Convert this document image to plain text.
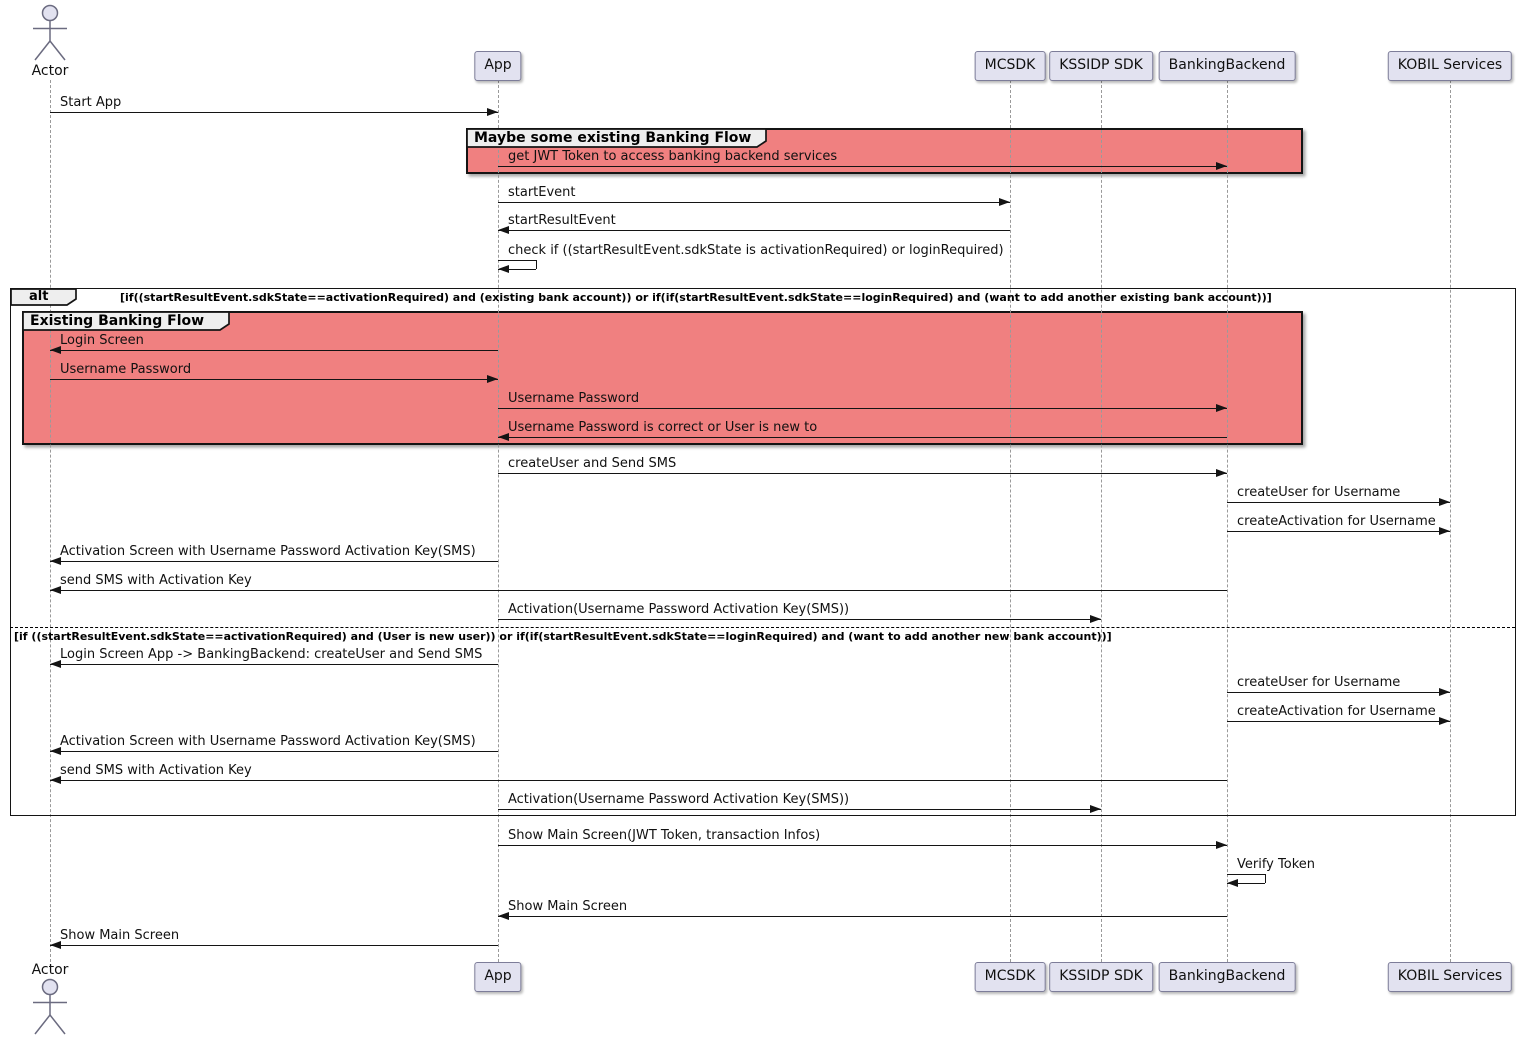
Start App
get JWT Token to access banking backend services
startEvent
startResultEvent
check if ((startResultEvent.sdkState is activationRequired) or loginRequired)
Login Screen
Username Password
Username Password
Username Password is correct or User is new to
createUser and Send SMS
createUser for Username
createActivation for Username
Activation Screen with Username Password Activation Key(SMS)
send SMS with Activation Key
Activation(Username Password Activation Key(SMS))
Login Screen App -> BankingBackend: createUser and Send SMS
createUser for Username
createActivation for Username
Activation Screen with Username Password Activation Key(SMS)
send SMS with Activation Key
Activation(Username Password Activation Key(SMS))
Show Main Screen(JWT Token, transaction Infos)
Verify Token
Show Main Screen
Show Main Screen
Maybe some existing Banking Flow
alt	[if((startResultEvent.sdkState==activationRequired) and (existing bank account)) or if(if(startResultEvent.sdkState==loginRequired) and (want to add another existing bank account))]
Existing Banking Flow
[if ((startResultEvent.sdkState==activationRequired) and (User is new user)) or if(if(startResultEvent.sdkState==loginRequired) and (want to add another new bank account))]
Actor
Actor
App
App
MCSDK
MCSDK
KSSIDP SDK
KSSIDP SDK
BankingBackend
BankingBackend
KOBIL Services
KOBIL Services
